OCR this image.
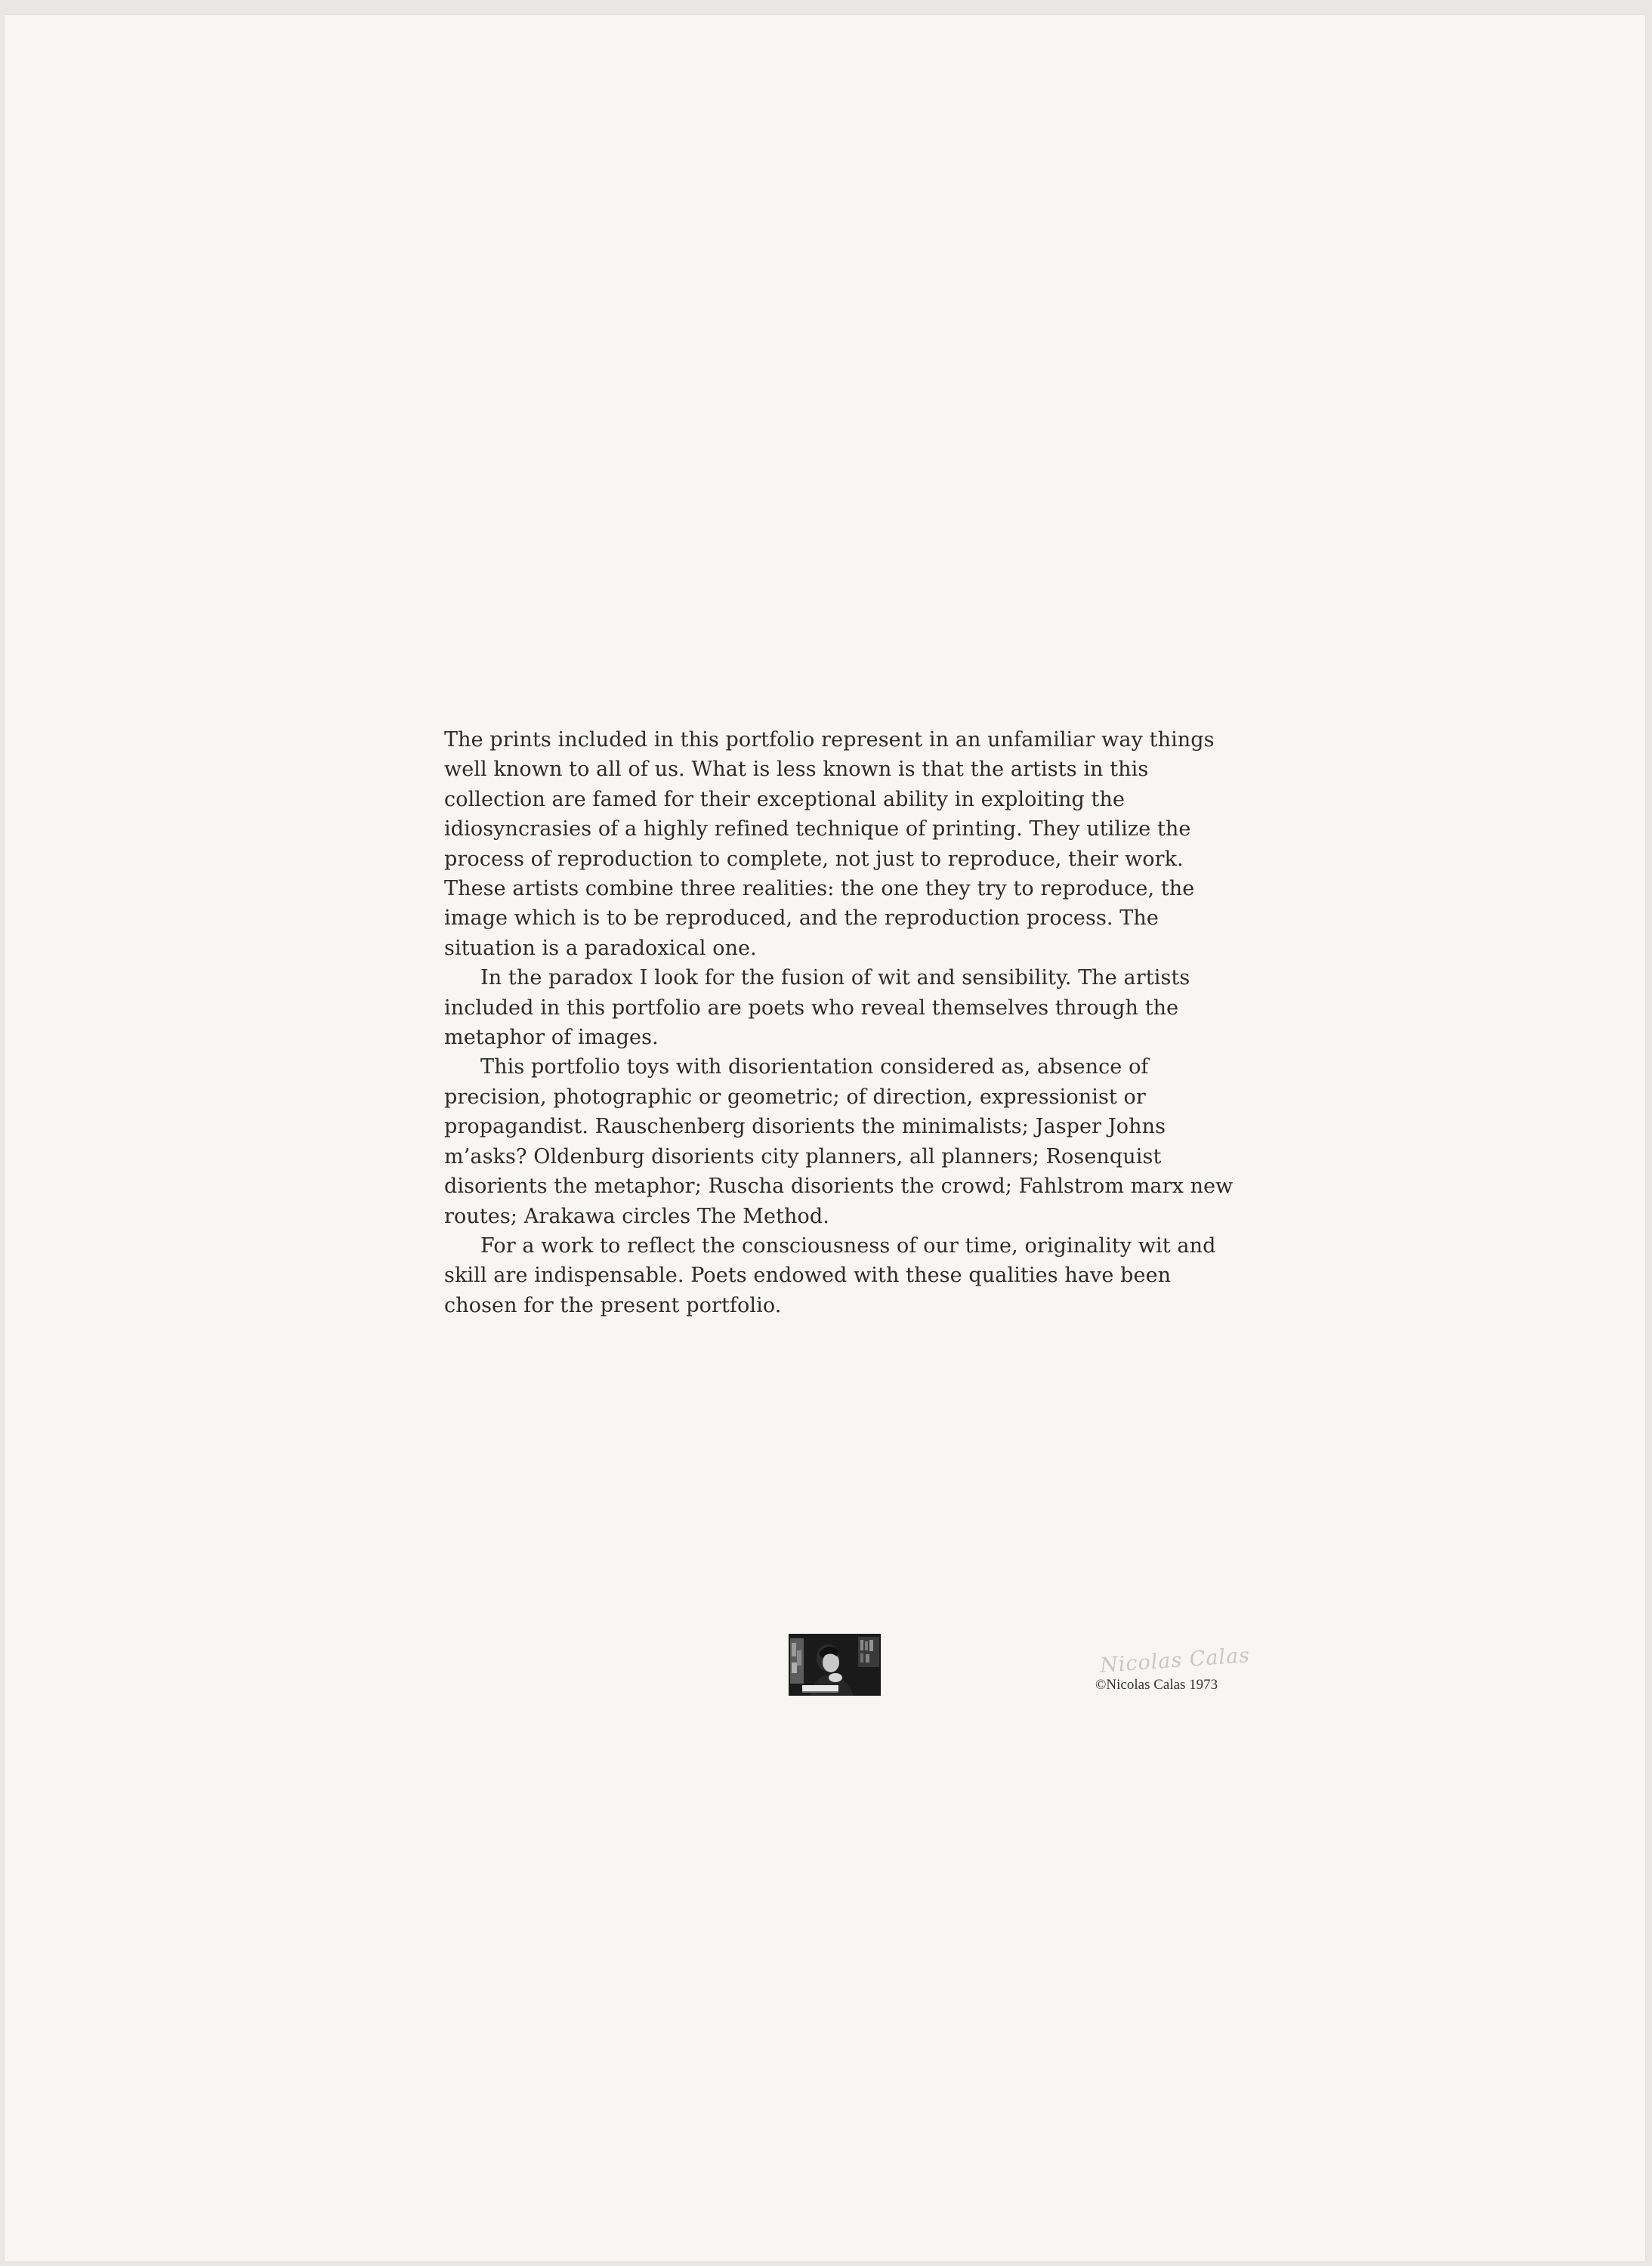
The prints included in this portfolio represent in an unfamiliar way things well known to all of us. What is less known is that the artists in this collection are famed for their exceptional ability in exploiting the idiosyncrasies of a highly refined technique of printing. They utilize the process of reproduction to complete, not just to reproduce, their work. These artists combine three realities: the one they try to reproduce, the image which is to be reproduced, and the reproduction process. The situation is a paradoxical one.

In the paradox I look for the fusion of wit and sensibility. The artists included in this portfolio are poets who reveal themselves through the metaphor of images.

This portfolio toys with disorientation considered as, absence of precision, photographic or geometric; of direction, expressionist or propagandist. Rauschenberg disorients the minimalists; Jasper Johns m’asks? Oldenburg disorients city planners, all planners; Rosenquist disorients the metaphor; Ruscha disorients the crowd; Fahlstrom marx new routes; Arakawa circles The Method.

For a work to reflect the consciousness of our time, originality wit and skill are indispensable. Poets endowed with these qualities have been chosen for the present portfolio.

Nicolas Calas
©Nicolas Calas 1973
